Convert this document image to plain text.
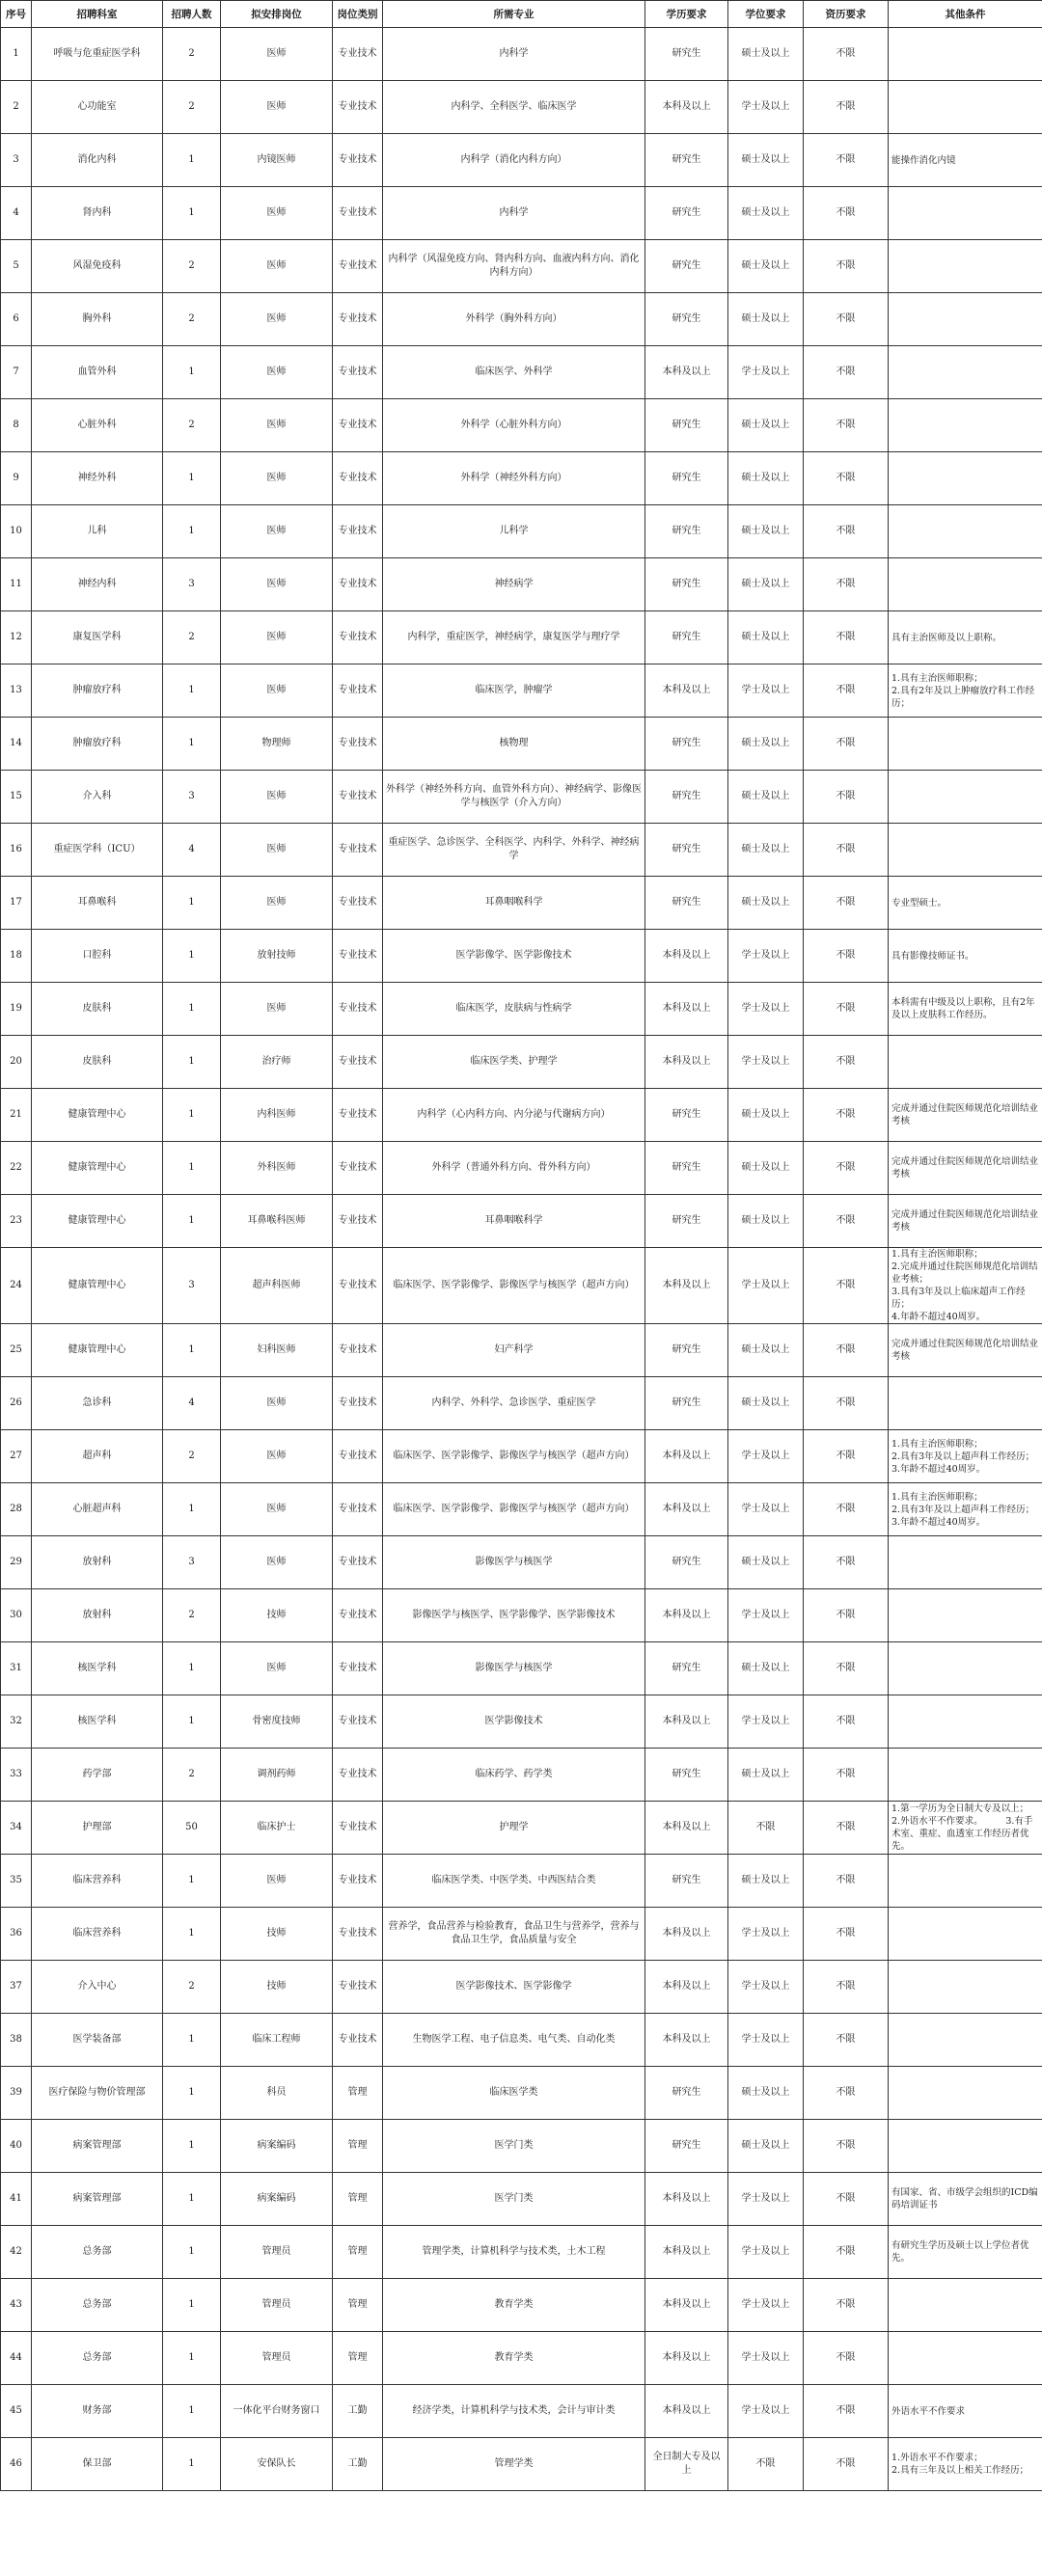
序号	招聘科室	招聘人数	拟安排岗位	岗位类别	所需专业	学历要求	学位要求	资历要求	其他条件
1	呼吸与危重症医学科	2	医师	专业技术	内科学	研究生	硕士及以上	不限	
2	心功能室	2	医师	专业技术	内科学、全科医学、临床医学	本科及以上	学士及以上	不限	
3	消化内科	1	内镜医师	专业技术	内科学（消化内科方向）	研究生	硕士及以上	不限	能操作消化内镜
4	肾内科	1	医师	专业技术	内科学	研究生	硕士及以上	不限	
5	风湿免疫科	2	医师	专业技术	内科学（风湿免疫方向、肾内科方向、血液内科方向、消化内科方向）	研究生	硕士及以上	不限	
6	胸外科	2	医师	专业技术	外科学（胸外科方向）	研究生	硕士及以上	不限	
7	血管外科	1	医师	专业技术	临床医学、外科学	本科及以上	学士及以上	不限	
8	心脏外科	2	医师	专业技术	外科学（心脏外科方向）	研究生	硕士及以上	不限	
9	神经外科	1	医师	专业技术	外科学（神经外科方向）	研究生	硕士及以上	不限	
10	儿科	1	医师	专业技术	儿科学	研究生	硕士及以上	不限	
11	神经内科	3	医师	专业技术	神经病学	研究生	硕士及以上	不限	
12	康复医学科	2	医师	专业技术	内科学，重症医学，神经病学，康复医学与理疗学	研究生	硕士及以上	不限	具有主治医师及以上职称。
13	肿瘤放疗科	1	医师	专业技术	临床医学，肿瘤学	本科及以上	学士及以上	不限	1.具有主治医师职称；
2.具有2年及以上肿瘤放疗科工作经历；
14	肿瘤放疗科	1	物理师	专业技术	核物理	研究生	硕士及以上	不限	
15	介入科	3	医师	专业技术	外科学（神经外科方向、血管外科方向）、神经病学、影像医学与核医学（介入方向）	研究生	硕士及以上	不限	
16	重症医学科（ICU）	4	医师	专业技术	重症医学、急诊医学、全科医学、内科学、外科学、神经病学	研究生	硕士及以上	不限	
17	耳鼻喉科	1	医师	专业技术	耳鼻咽喉科学	研究生	硕士及以上	不限	专业型硕士。
18	口腔科	1	放射技师	专业技术	医学影像学、医学影像技术	本科及以上	学士及以上	不限	具有影像技师证书。
19	皮肤科	1	医师	专业技术	临床医学，皮肤病与性病学	本科及以上	学士及以上	不限	本科需有中级及以上职称，且有2年及以上皮肤科工作经历。
20	皮肤科	1	治疗师	专业技术	临床医学类、护理学	本科及以上	学士及以上	不限	
21	健康管理中心	1	内科医师	专业技术	内科学（心内科方向、内分泌与代谢病方向）	研究生	硕士及以上	不限	完成并通过住院医师规范化培训结业考核
22	健康管理中心	1	外科医师	专业技术	外科学（普通外科方向、骨外科方向）	研究生	硕士及以上	不限	完成并通过住院医师规范化培训结业考核
23	健康管理中心	1	耳鼻喉科医师	专业技术	耳鼻咽喉科学	研究生	硕士及以上	不限	完成并通过住院医师规范化培训结业考核
24	健康管理中心	3	超声科医师	专业技术	临床医学、医学影像学、影像医学与核医学（超声方向）	本科及以上	学士及以上	不限	1.具有主治医师职称；
2.完成并通过住院医师规范化培训结业考核；
3.具有3年及以上临床超声工作经历；
4.年龄不超过40周岁。
25	健康管理中心	1	妇科医师	专业技术	妇产科学	研究生	硕士及以上	不限	完成并通过住院医师规范化培训结业考核
26	急诊科	4	医师	专业技术	内科学、外科学、急诊医学、重症医学	研究生	硕士及以上	不限	
27	超声科	2	医师	专业技术	临床医学、医学影像学、影像医学与核医学（超声方向）	本科及以上	学士及以上	不限	1.具有主治医师职称；
2.具有3年及以上超声科工作经历；
3.年龄不超过40周岁。
28	心脏超声科	1	医师	专业技术	临床医学、医学影像学、影像医学与核医学（超声方向）	本科及以上	学士及以上	不限	1.具有主治医师职称；
2.具有3年及以上超声科工作经历；
3.年龄不超过40周岁。
29	放射科	3	医师	专业技术	影像医学与核医学	研究生	硕士及以上	不限	
30	放射科	2	技师	专业技术	影像医学与核医学、医学影像学、医学影像技术	本科及以上	学士及以上	不限	
31	核医学科	1	医师	专业技术	影像医学与核医学	研究生	硕士及以上	不限	
32	核医学科	1	骨密度技师	专业技术	医学影像技术	本科及以上	学士及以上	不限	
33	药学部	2	调剂药师	专业技术	临床药学、药学类	研究生	硕士及以上	不限	
34	护理部	50	临床护士	专业技术	护理学	本科及以上	不限	不限	1.第一学历为全日制大专及以上；
2.外语水平不作要求。　　　3.有手术室、重症、血透室工作经历者优先。
35	临床营养科	1	医师	专业技术	临床医学类、中医学类、中西医结合类	研究生	硕士及以上	不限	
36	临床营养科	1	技师	专业技术	营养学，食品营养与检验教育，食品卫生与营养学，营养与食品卫生学，食品质量与安全	本科及以上	学士及以上	不限	
37	介入中心	2	技师	专业技术	医学影像技术、医学影像学	本科及以上	学士及以上	不限	
38	医学装备部	1	临床工程师	专业技术	生物医学工程、电子信息类、电气类、自动化类	本科及以上	学士及以上	不限	
39	医疗保险与物价管理部	1	科员	管理	临床医学类	研究生	硕士及以上	不限	
40	病案管理部	1	病案编码	管理	医学门类	研究生	硕士及以上	不限	
41	病案管理部	1	病案编码	管理	医学门类	本科及以上	学士及以上	不限	有国家、省、市级学会组织的ICD编码培训证书
42	总务部	1	管理员	管理	管理学类，计算机科学与技术类，土木工程	本科及以上	学士及以上	不限	有研究生学历及硕士以上学位者优先。
43	总务部	1	管理员	管理	教育学类	本科及以上	学士及以上	不限	
44	总务部	1	管理员	管理	教育学类	本科及以上	学士及以上	不限	
45	财务部	1	一体化平台财务窗口	工勤	经济学类，计算机科学与技术类，会计与审计类	本科及以上	学士及以上	不限	外语水平不作要求
46	保卫部	1	安保队长	工勤	管理学类	全日制大专及以上	不限	不限	1.外语水平不作要求；
2.具有三年及以上相关工作经历；
